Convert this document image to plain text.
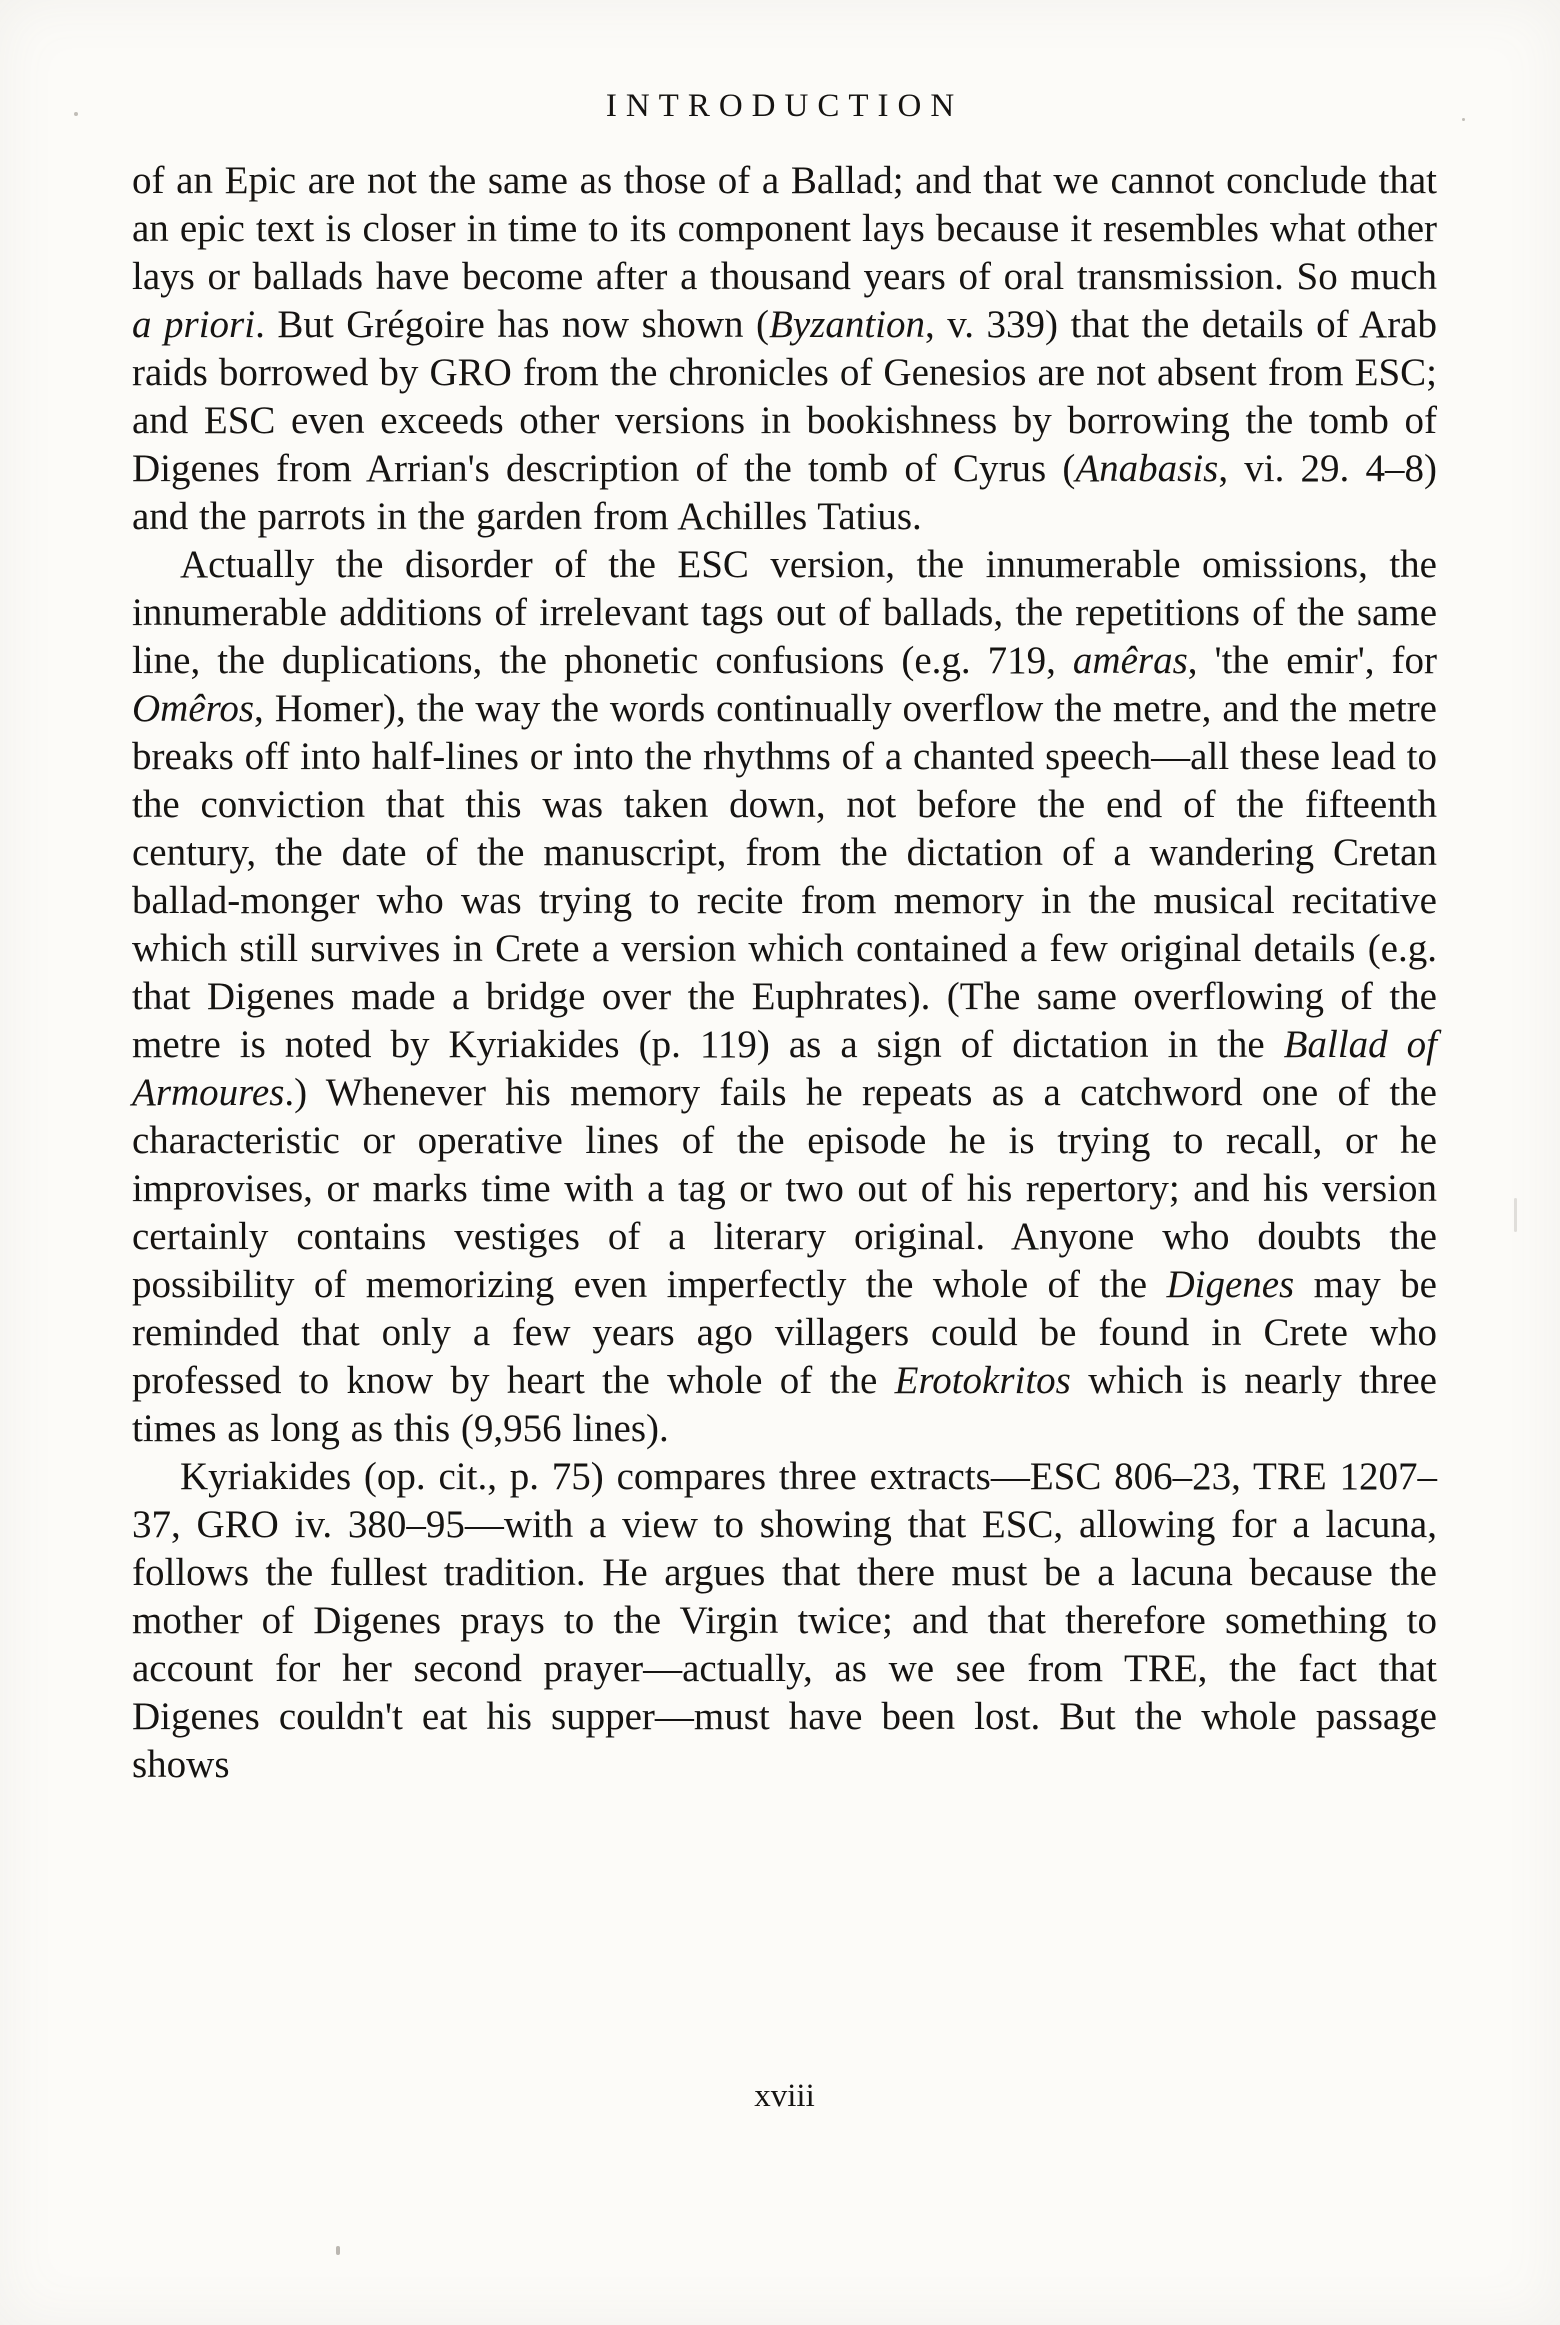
INTRODUCTION

of an Epic are not the same as those of a Ballad; and that we cannot conclude that an epic text is closer in time to its component lays because it resembles what other lays or ballads have become after a thousand years of oral transmission. So much a priori. But Grégoire has now shown (Byzantion, v. 339) that the details of Arab raids borrowed by GRO from the chronicles of Genesios are not absent from ESC; and ESC even exceeds other versions in bookishness by borrowing the tomb of Digenes from Arrian's description of the tomb of Cyrus (Anabasis, vi. 29. 4–8) and the parrots in the garden from Achilles Tatius.

Actually the disorder of the ESC version, the innumerable omissions, the innumerable additions of irrelevant tags out of ballads, the repetitions of the same line, the duplications, the phonetic confusions (e.g. 719, amêras, 'the emir', for Omêros, Homer), the way the words continually overflow the metre, and the metre breaks off into half-lines or into the rhythms of a chanted speech—all these lead to the conviction that this was taken down, not before the end of the fifteenth century, the date of the manuscript, from the dictation of a wandering Cretan ballad-monger who was trying to recite from memory in the musical recitative which still survives in Crete a version which contained a few original details (e.g. that Digenes made a bridge over the Euphrates). (The same overflowing of the metre is noted by Kyriakides (p. 119) as a sign of dictation in the Ballad of Armoures.) Whenever his memory fails he repeats as a catchword one of the characteristic or operative lines of the episode he is trying to recall, or he improvises, or marks time with a tag or two out of his repertory; and his version certainly contains vestiges of a literary original. Anyone who doubts the possibility of memorizing even imperfectly the whole of the Digenes may be reminded that only a few years ago villagers could be found in Crete who professed to know by heart the whole of the Erotokritos which is nearly three times as long as this (9,956 lines).

Kyriakides (op. cit., p. 75) compares three extracts—ESC 806–23, TRE 1207–37, GRO iv. 380–95—with a view to showing that ESC, allowing for a lacuna, follows the fullest tradition. He argues that there must be a lacuna because the mother of Digenes prays to the Virgin twice; and that therefore something to account for her second prayer—actually, as we see from TRE, the fact that Digenes couldn't eat his supper—must have been lost. But the whole passage shows

xviii
